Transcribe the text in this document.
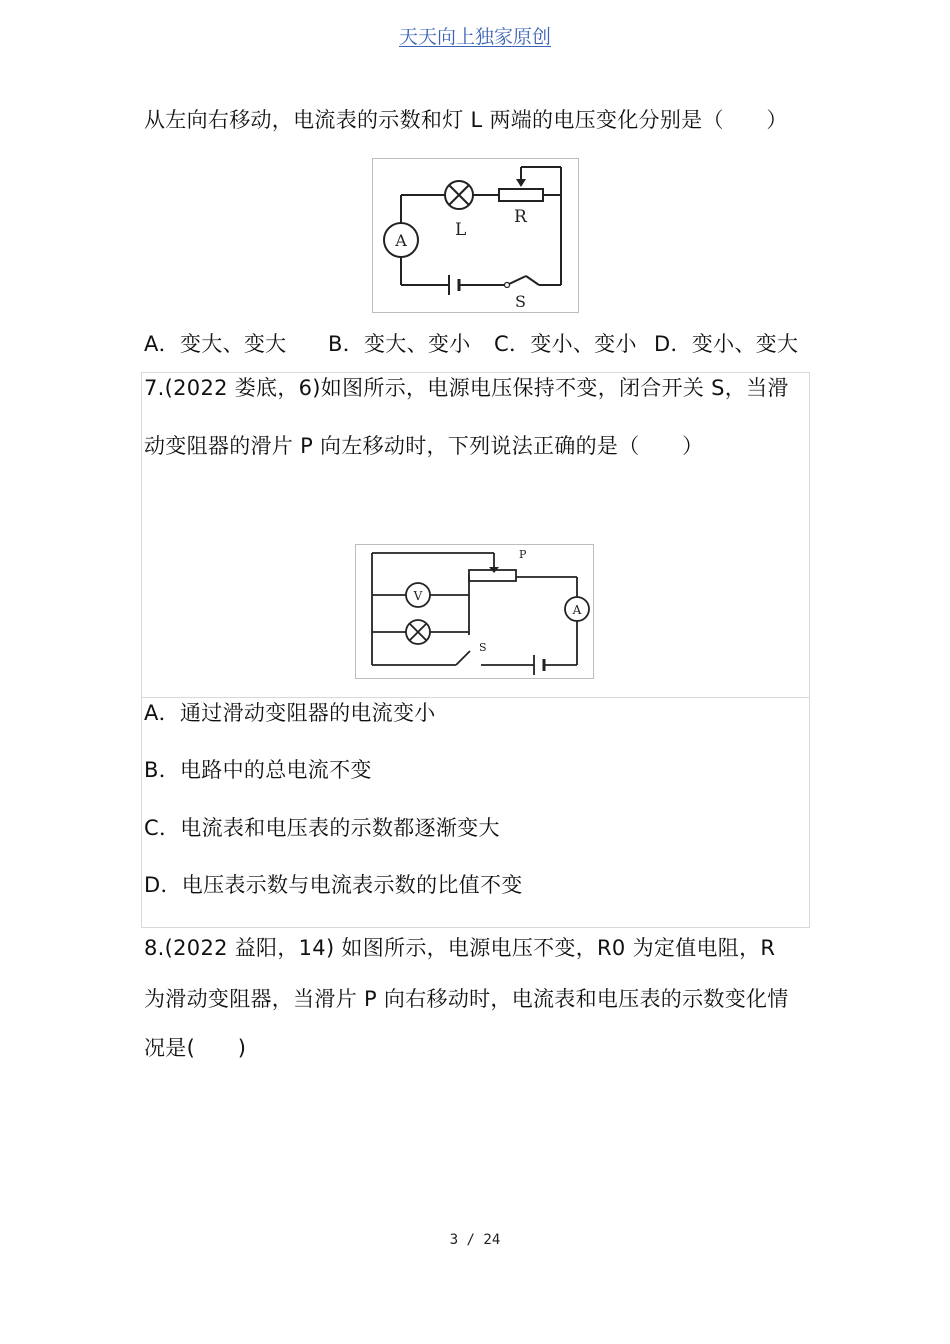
天天向上独家原创
从左向右移动，电流表的示数和灯 L 两端的电压变化分别是（　　）
A
L
R
S
A．变大、变大 B．变大、变小 C．变小、变小 D．变小、变大
7.(2022 娄底，6)如图所示，电源电压保持不变，闭合开关 S，当滑
动变阻器的滑片 P 向左移动时，下列说法正确的是（　　）
P
V
A
S
A．通过滑动变阻器的电流变小
B．电路中的总电流不变
C．电流表和电压表的示数都逐渐变大
D．电压表示数与电流表示数的比值不变
8.(2022 益阳，14) 如图所示，电源电压不变，R0 为定值电阻，R
为滑动变阻器，当滑片 P 向右移动时，电流表和电压表的示数变化情
况是(　　)
3 / 24
